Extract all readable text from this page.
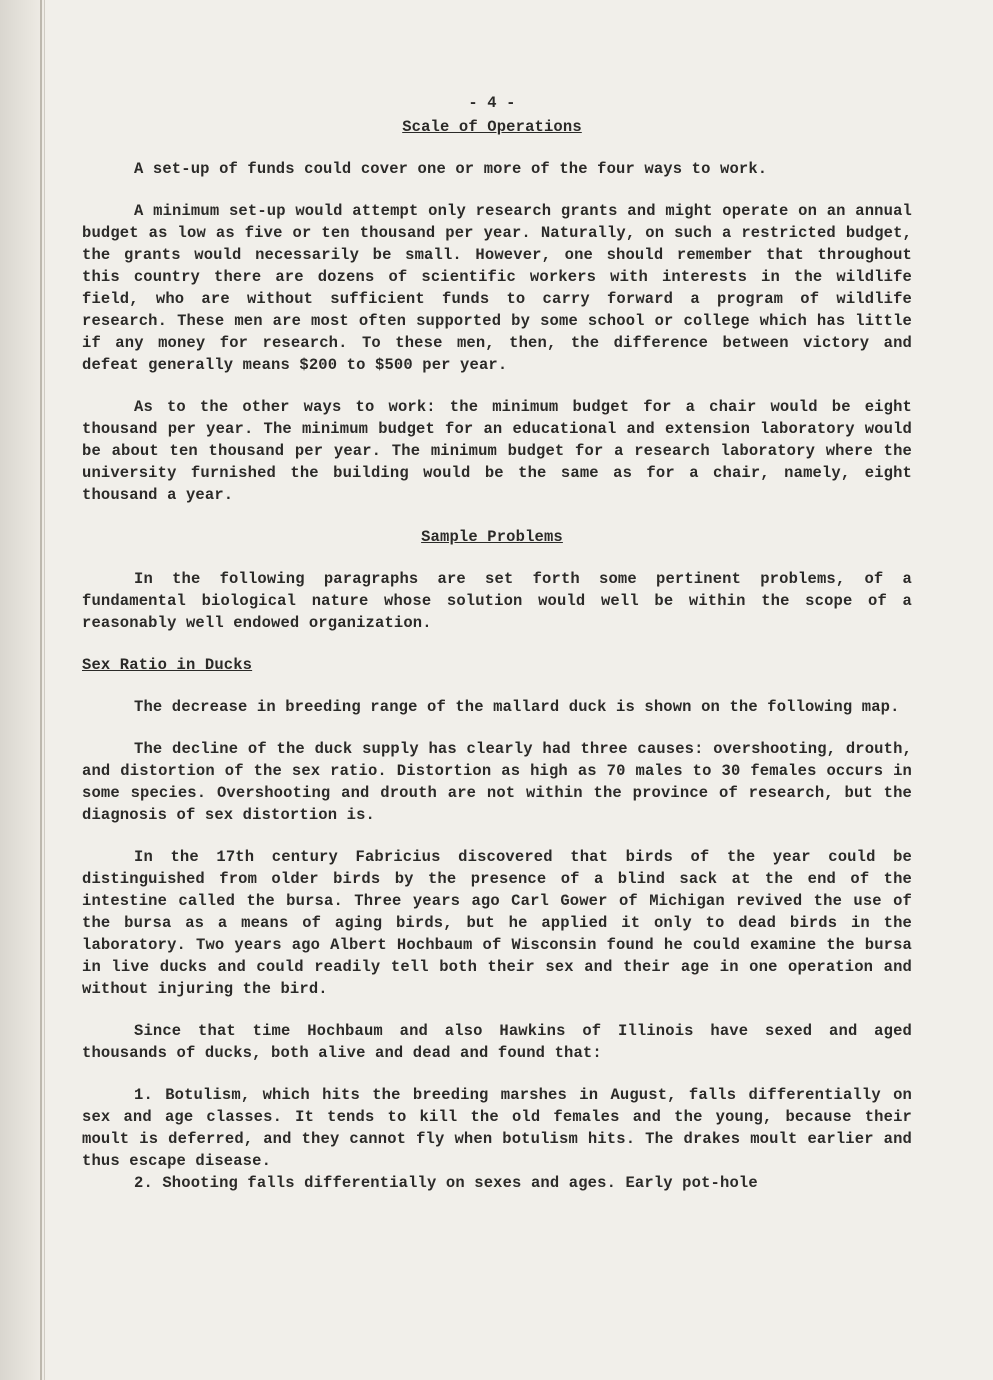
- 4 -
Scale of Operations

A set-up of funds could cover one or more of the four ways to work.

A minimum set-up would attempt only research grants and might operate on an annual budget as low as five or ten thousand per year. Naturally, on such a restricted budget, the grants would necessarily be small. However, one should remember that throughout this country there are dozens of scientific workers with interests in the wildlife field, who are without sufficient funds to carry forward a program of wildlife research. These men are most often supported by some school or college which has little if any money for research. To these men, then, the difference between victory and defeat generally means $200 to $500 per year.

As to the other ways to work: the minimum budget for a chair would be eight thousand per year. The minimum budget for an educational and extension laboratory would be about ten thousand per year. The minimum budget for a research laboratory where the university furnished the building would be the same as for a chair, namely, eight thousand a year.

Sample Problems

In the following paragraphs are set forth some pertinent problems, of a fundamental biological nature whose solution would well be within the scope of a reasonably well endowed organization.

Sex Ratio in Ducks

The decrease in breeding range of the mallard duck is shown on the following map.

The decline of the duck supply has clearly had three causes: overshooting, drouth, and distortion of the sex ratio. Distortion as high as 70 males to 30 females occurs in some species. Overshooting and drouth are not within the province of research, but the diagnosis of sex distortion is.

In the 17th century Fabricius discovered that birds of the year could be distinguished from older birds by the presence of a blind sack at the end of the intestine called the bursa. Three years ago Carl Gower of Michigan revived the use of the bursa as a means of aging birds, but he applied it only to dead birds in the laboratory. Two years ago Albert Hochbaum of Wisconsin found he could examine the bursa in live ducks and could readily tell both their sex and their age in one operation and without injuring the bird.

Since that time Hochbaum and also Hawkins of Illinois have sexed and aged thousands of ducks, both alive and dead and found that:

1. Botulism, which hits the breeding marshes in August, falls differentially on sex and age classes. It tends to kill the old females and the young, because their moult is deferred, and they cannot fly when botulism hits. The drakes moult earlier and thus escape disease.

2. Shooting falls differentially on sexes and ages. Early pot-hole
